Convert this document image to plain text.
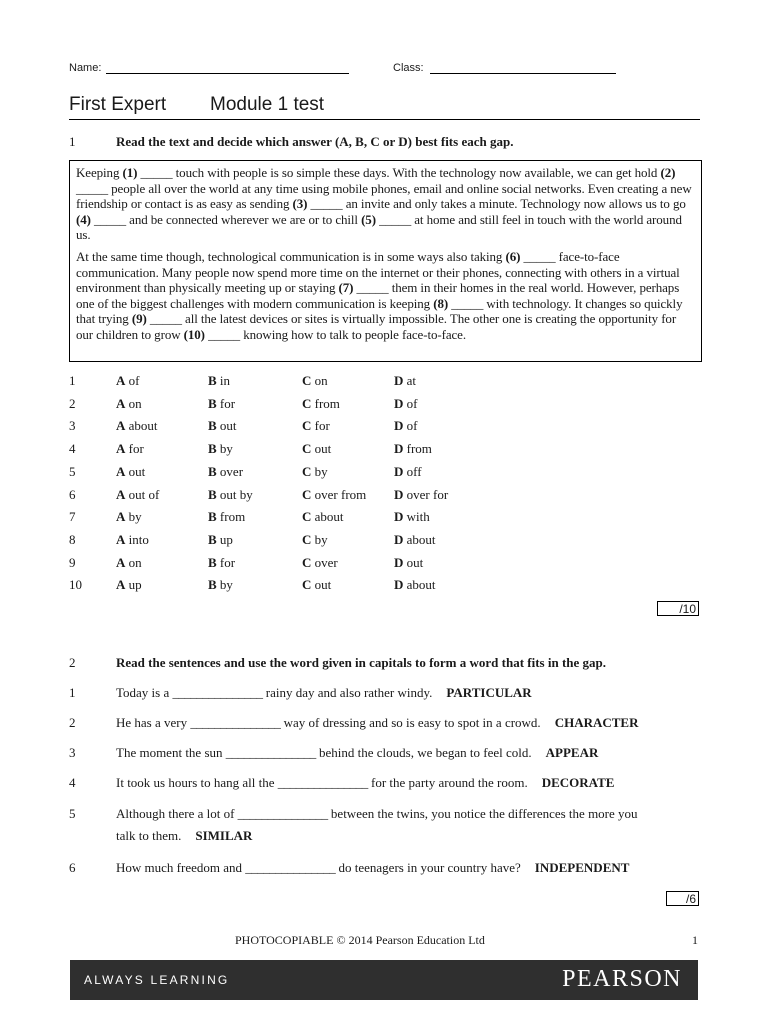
Name:	Class:
First Expert Module 1 test
1	Read the text and decide which answer (A, B, C or D) best fits each gap.

Keeping (1) _____ touch with people is so simple these days. With the technology now available, we can get hold (2) _____ people all over the world at any time using mobile phones, email and online social networks. Even creating a new friendship or contact is as easy as sending (3) _____ an invite and only takes a minute. Technology now allows us to go (4) _____ and be connected wherever we are or to chill (5) _____ at home and still feel in touch with the world around us.

At the same time though, technological communication is in some ways also taking (6) _____ face-to-face communication. Many people now spend more time on the internet or their phones, connecting with others in a virtual environment than physically meeting up or staying (7) _____ them in their homes in the real world. However, perhaps one of the biggest challenges with modern communication is keeping (8) _____ with technology. It changes so quickly that trying (9) _____ all the latest devices or sites is virtually impossible. The other one is creating the opportunity for our children to grow (10) _____ knowing how to talk to people face-to-face.

1	A of	B in	C on	D at
2	A on	B for	C from	D of
3	A about	B out	C for	D of
4	A for	B by	C out	D from
5	A out	B over	C by	D off
6	A out of	B out by	C over from D over for
7	A by	B from	C about	D with
8	A into	B up	C by	D about
9	A on	B for	C over	D out
10	A up	B by	C out	D about
/10
2	Read the sentences and use the word given in capitals to form a word that fits in the gap.
1	Today is a _______________ rainy day and also rather windy. PARTICULAR
2	He has a very _______________ way of dressing and so is easy to spot in a crowd. CHARACTER
3	The moment the sun _______________ behind the clouds, we began to feel cold. APPEAR
4	It took us hours to hang all the _______________ for the party around the room. DECORATE
5	Although there a lot of _______________ between the twins, you notice the differences the more you
talk to them. SIMILAR
6	How much freedom and _______________ do teenagers in your country have? INDEPENDENT
/6
PHOTOCOPIABLE © 2014 Pearson Education Ltd	1
ALWAYS LEARNING	PEARSON
